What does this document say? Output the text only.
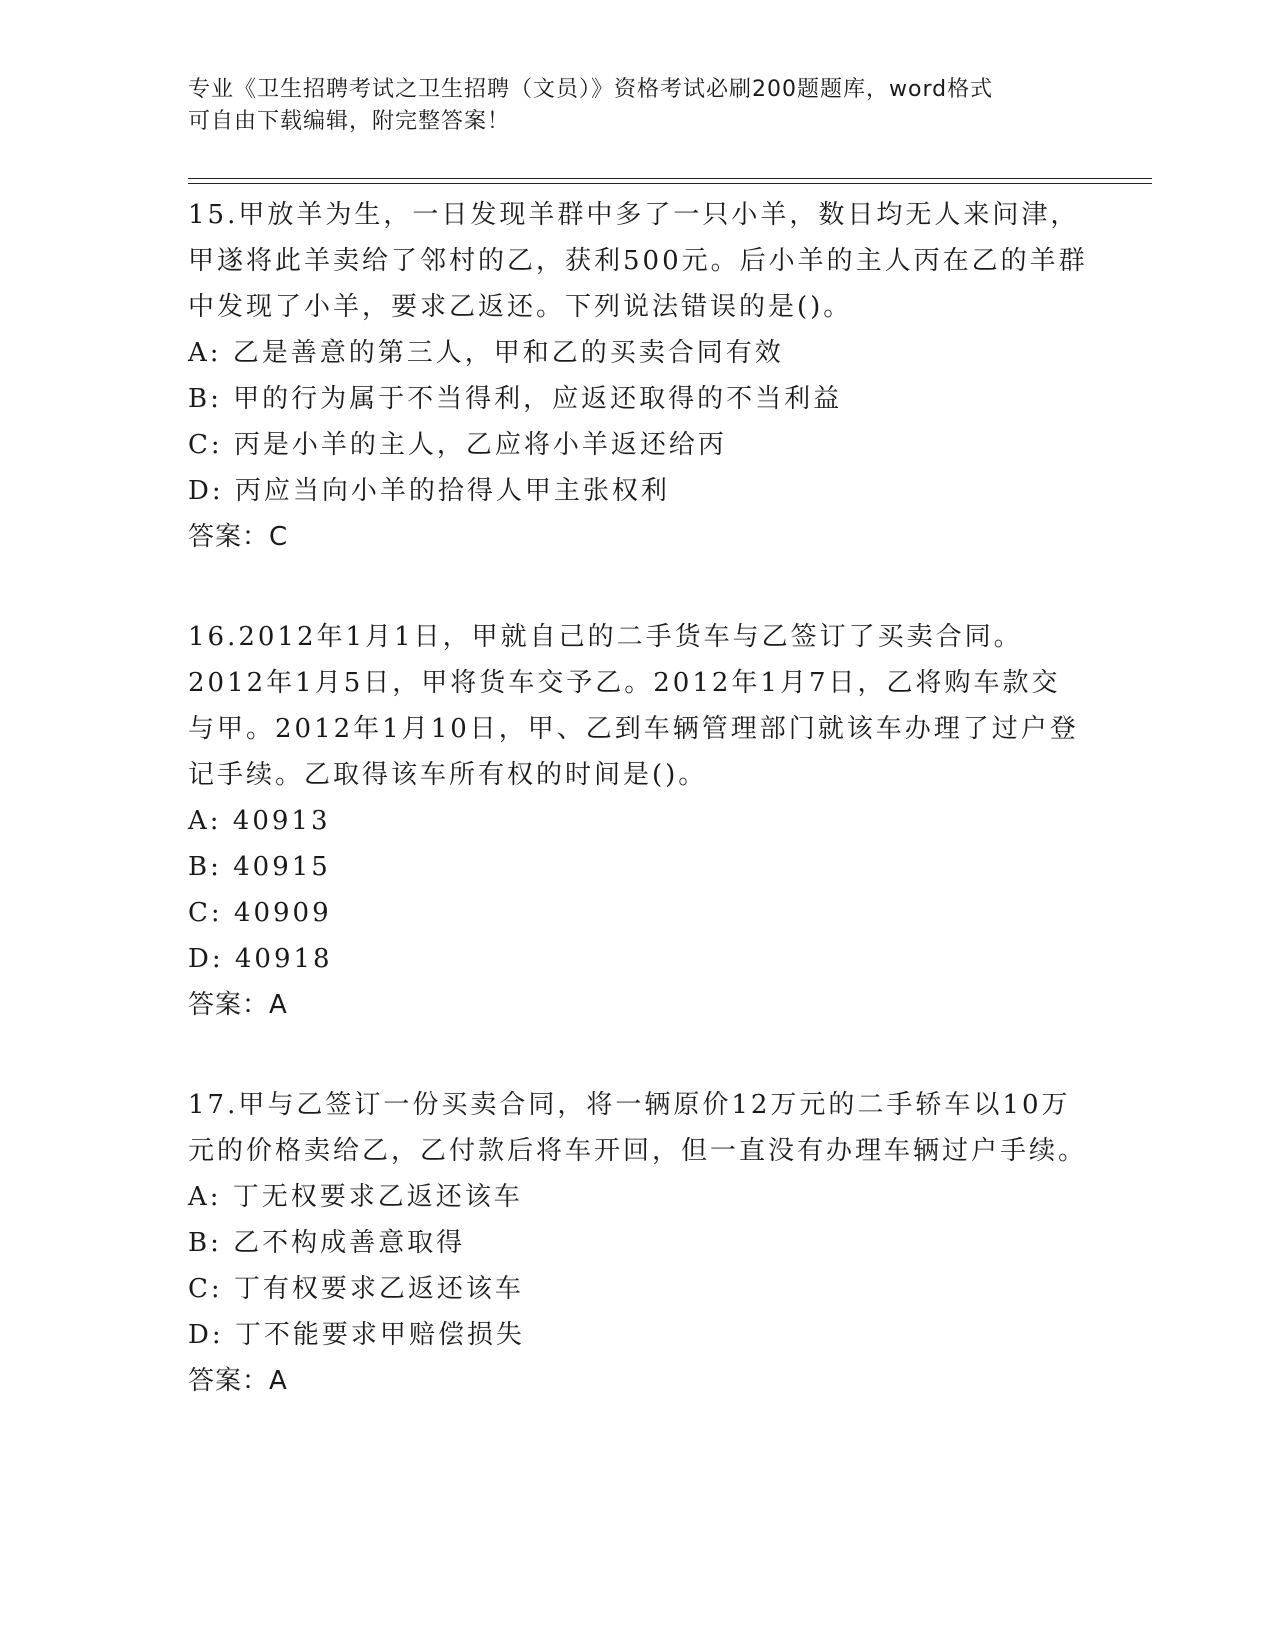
专业《卫生招聘考试之卫生招聘（文员）》资格考试必刷200题题库，word格式

可自由下载编辑，附完整答案！

15.甲放羊为生，一日发现羊群中多了一只小羊，数日均无人来问津，甲遂将此羊卖给了邻村的乙，获利500元。后小羊的主人丙在乙的羊群中发现了小羊，要求乙返还。下列说法错误的是()。

A: 乙是善意的第三人，甲和乙的买卖合同有效

B: 甲的行为属于不当得利，应返还取得的不当利益

C: 丙是小羊的主人，乙应将小羊返还给丙

D: 丙应当向小羊的拾得人甲主张权利

答案：C

16.2012年1月1日，甲就自己的二手货车与乙签订了买卖合同。2012年1月5日，甲将货车交予乙。2012年1月7日，乙将购车款交与甲。2012年1月10日，甲、乙到车辆管理部门就该车办理了过户登记手续。乙取得该车所有权的时间是()。

A: 40913

B: 40915

C: 40909

D: 40918

答案：A

17.甲与乙签订一份买卖合同，将一辆原价12万元的二手轿车以10万元的价格卖给乙，乙付款后将车开回，但一直没有办理车辆过户手续。

A: 丁无权要求乙返还该车

B: 乙不构成善意取得

C: 丁有权要求乙返还该车

D: 丁不能要求甲赔偿损失

答案：A
